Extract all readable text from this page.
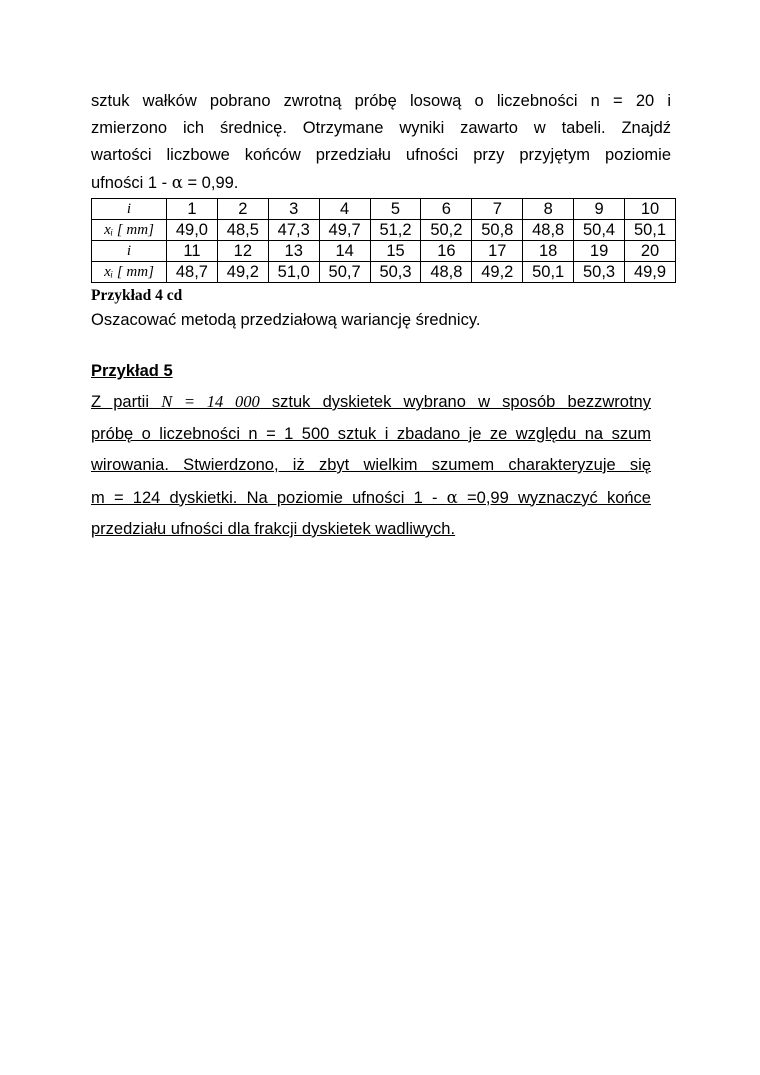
sztuk wałków pobrano zwrotną próbę losową o liczebności n = 20 i
zmierzono ich średnicę. Otrzymane wyniki zawarto w tabeli. Znajdź
wartości liczbowe końców przedziału ufności przy przyjętym poziomie
ufności 1 - α = 0,99.
i	1	2	3	4	5	6	7	8	9	10
xᵢ [ mm]	49,0	48,5	47,3	49,7	51,2	50,2	50,8	48,8	50,4	50,1
i	11	12	13	14	15	16	17	18	19	20
xᵢ [ mm]	48,7	49,2	51,0	50,7	50,3	48,8	49,2	50,1	50,3	49,9
Przykład 4 cd
Oszacować metodą przedziałową wariancję średnicy.
Przykład 5
Z partii N = 14 000 sztuk dyskietek wybrano w sposób bezzwrotny
próbę o liczebności n = 1 500 sztuk i zbadano je ze względu na szum
wirowania. Stwierdzono, iż zbyt wielkim szumem charakteryzuje się
m = 124 dyskietki. Na poziomie ufności 1 - α =0,99 wyznaczyć końce
przedziału ufności dla frakcji dyskietek wadliwych.
